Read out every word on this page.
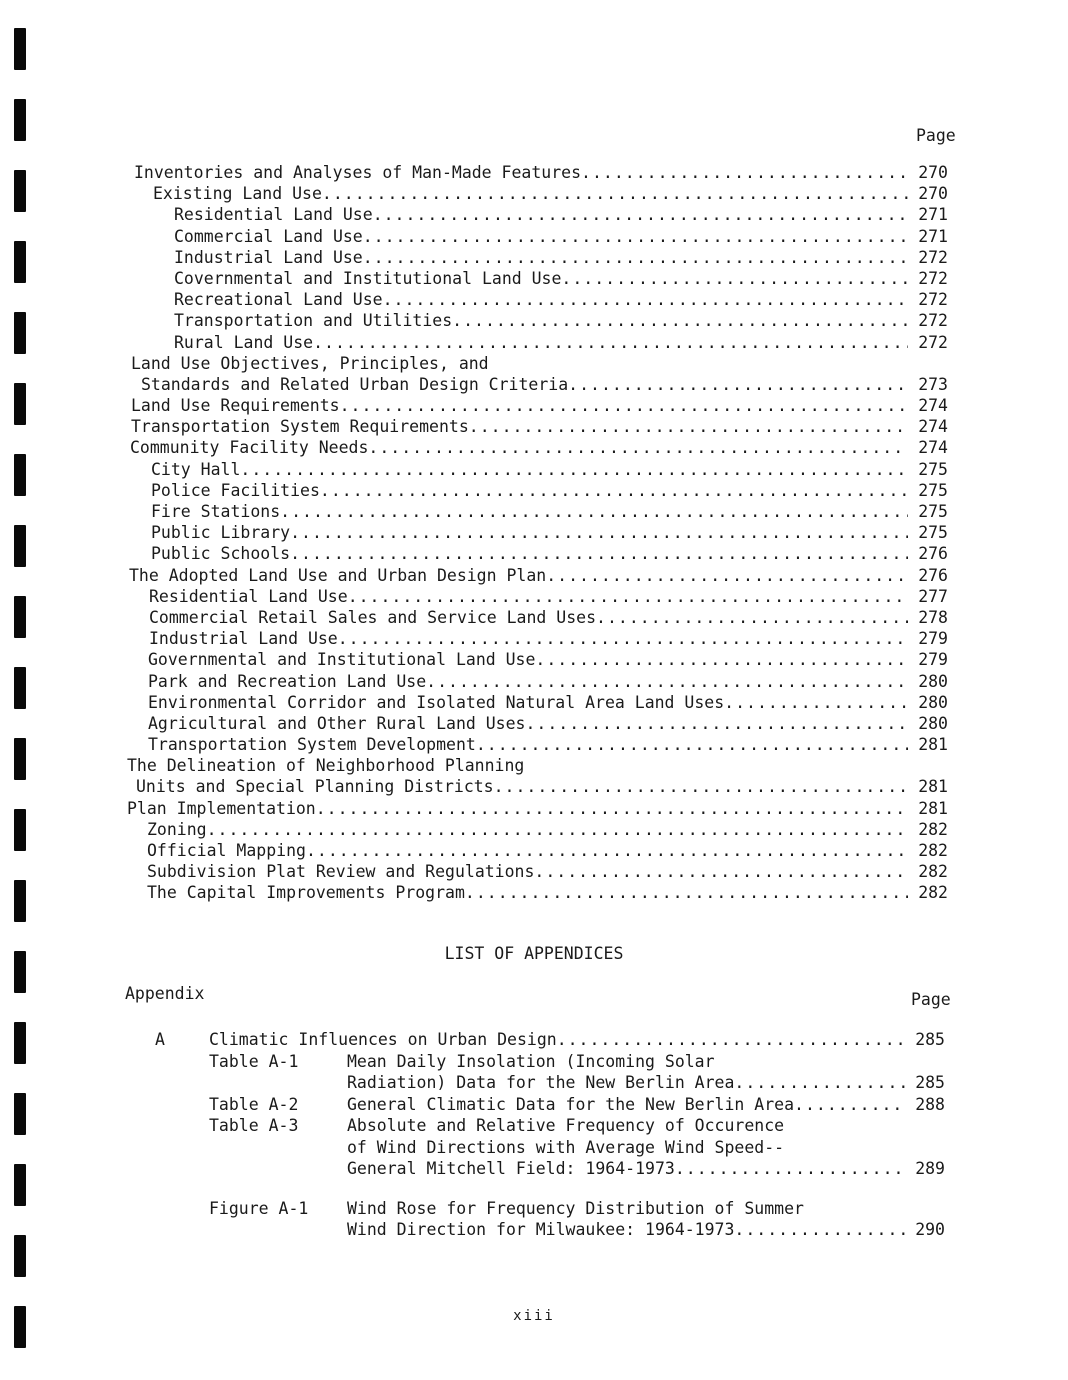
Page
Inventories and Analyses of Man-Made Features .....	270
Existing Land Use .....	270
Residential Land Use .....	271
Commercial Land Use .....	271
Industrial Land Use .....	272
Covernmental and Institutional Land Use .....	272
Recreational Land Use .....	272
Transportation and Utilities .....	272
Rural Land Use .....	272
Land Use Objectives, Principles, and
Standards and Related Urban Design Criteria .....	273
Land Use Requirements .....	274
Transportation System Requirements .....	274
Community Facility Needs .....	274
City Hall .....	275
Police Facilities .....	275
Fire Stations .....	275
Public Library .....	275
Public Schools .....	276
The Adopted Land Use and Urban Design Plan .....	276
Residential Land Use .....	277
Commercial Retail Sales and Service Land Uses .....	278
Industrial Land Use .....	279
Governmental and Institutional Land Use .....	279
Park and Recreation Land Use .....	280
Environmental Corridor and Isolated Natural Area Land Uses .....	280
Agricultural and Other Rural Land Uses .....	280
Transportation System Development .....	281
The Delineation of Neighborhood Planning
Units and Special Planning Districts .....	281
Plan Implementation .....	281
Zoning .....	282
Official Mapping .....	282
Subdivision Plat Review and Regulations .....	282
The Capital Improvements Program .....	282
LIST OF APPENDICES
Appendix	Page
A	Climatic Influences on Urban Design .....	285
Table A-1	Mean Daily Insolation (Incoming Solar
Radiation) Data for the New Berlin Area .....	285
Table A-2	General Climatic Data for the New Berlin Area .....	288
Table A-3	Absolute and Relative Frequency of Occurence
of Wind Directions with Average Wind Speed--
General Mitchell Field: 1964-1973 .....	289
Figure A-1	Wind Rose for Frequency Distribution of Summer
Wind Direction for Milwaukee: 1964-1973 .....	290
xiii
